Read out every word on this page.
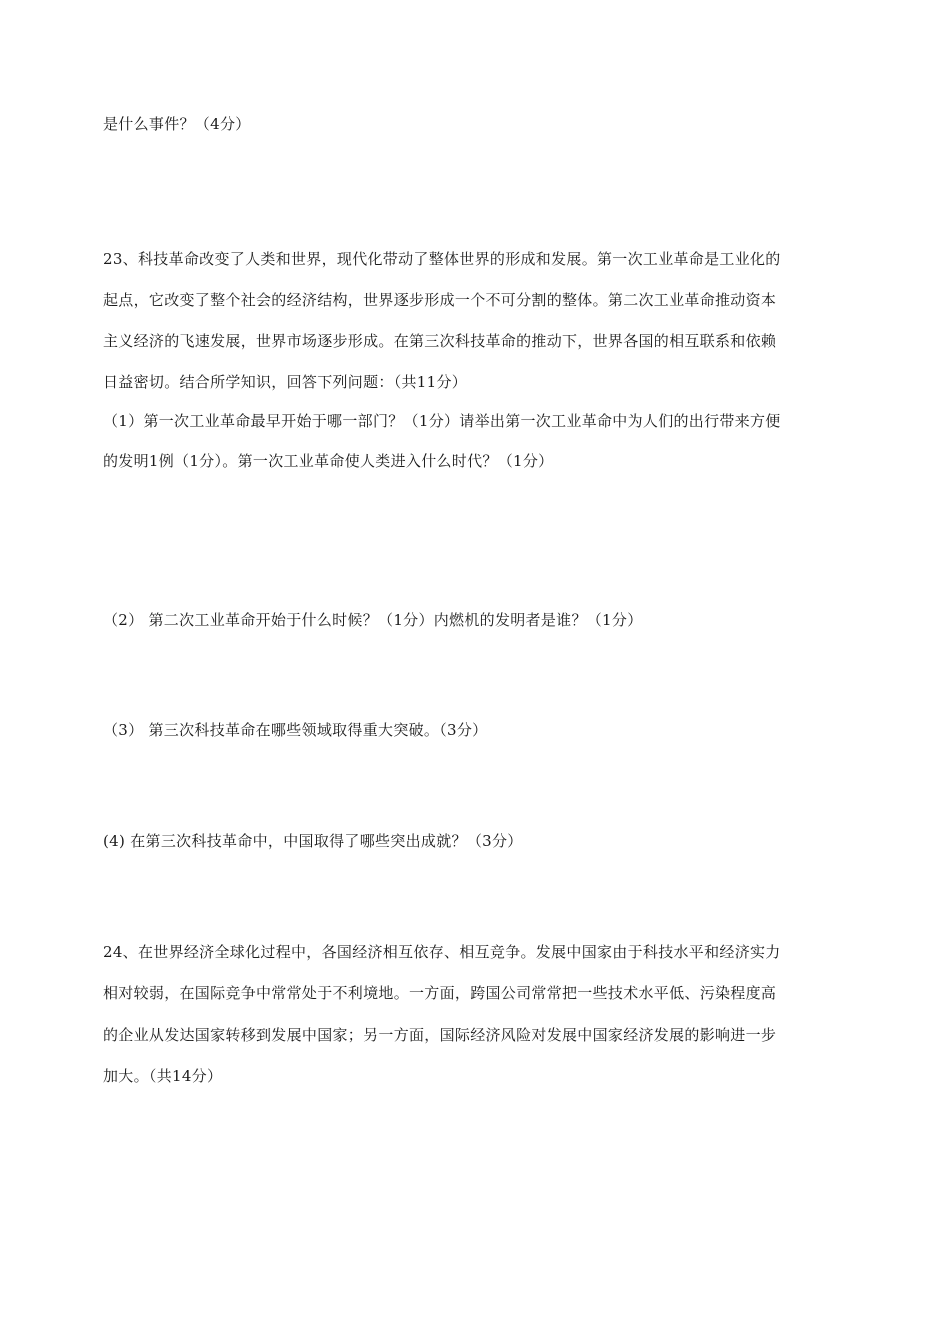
是什么事件？（4分）
23、科技革命改变了人类和世界，现代化带动了整体世界的形成和发展。第一次工业革命是工业化的
起点，它改变了整个社会的经济结构，世界逐步形成一个不可分割的整体。第二次工业革命推动资本
主义经济的飞速发展，世界市场逐步形成。在第三次科技革命的推动下，世界各国的相互联系和依赖
日益密切。结合所学知识，回答下列问题：（共11分）
（1）第一次工业革命最早开始于哪一部门？（1分）请举出第一次工业革命中为人们的出行带来方便
的发明1例（1分）。第一次工业革命使人类进入什么时代？（1分）
（2） 第二次工业革命开始于什么时候？（1分）内燃机的发明者是谁？（1分）
（3） 第三次科技革命在哪些领域取得重大突破。（3分）
(4) 在第三次科技革命中，中国取得了哪些突出成就？（3分）
24、在世界经济全球化过程中，各国经济相互依存、相互竞争。发展中国家由于科技水平和经济实力
相对较弱，在国际竞争中常常处于不利境地。一方面，跨国公司常常把一些技术水平低、污染程度高
的企业从发达国家转移到发展中国家；另一方面，国际经济风险对发展中国家经济发展的影响进一步
加大。（共14分）
